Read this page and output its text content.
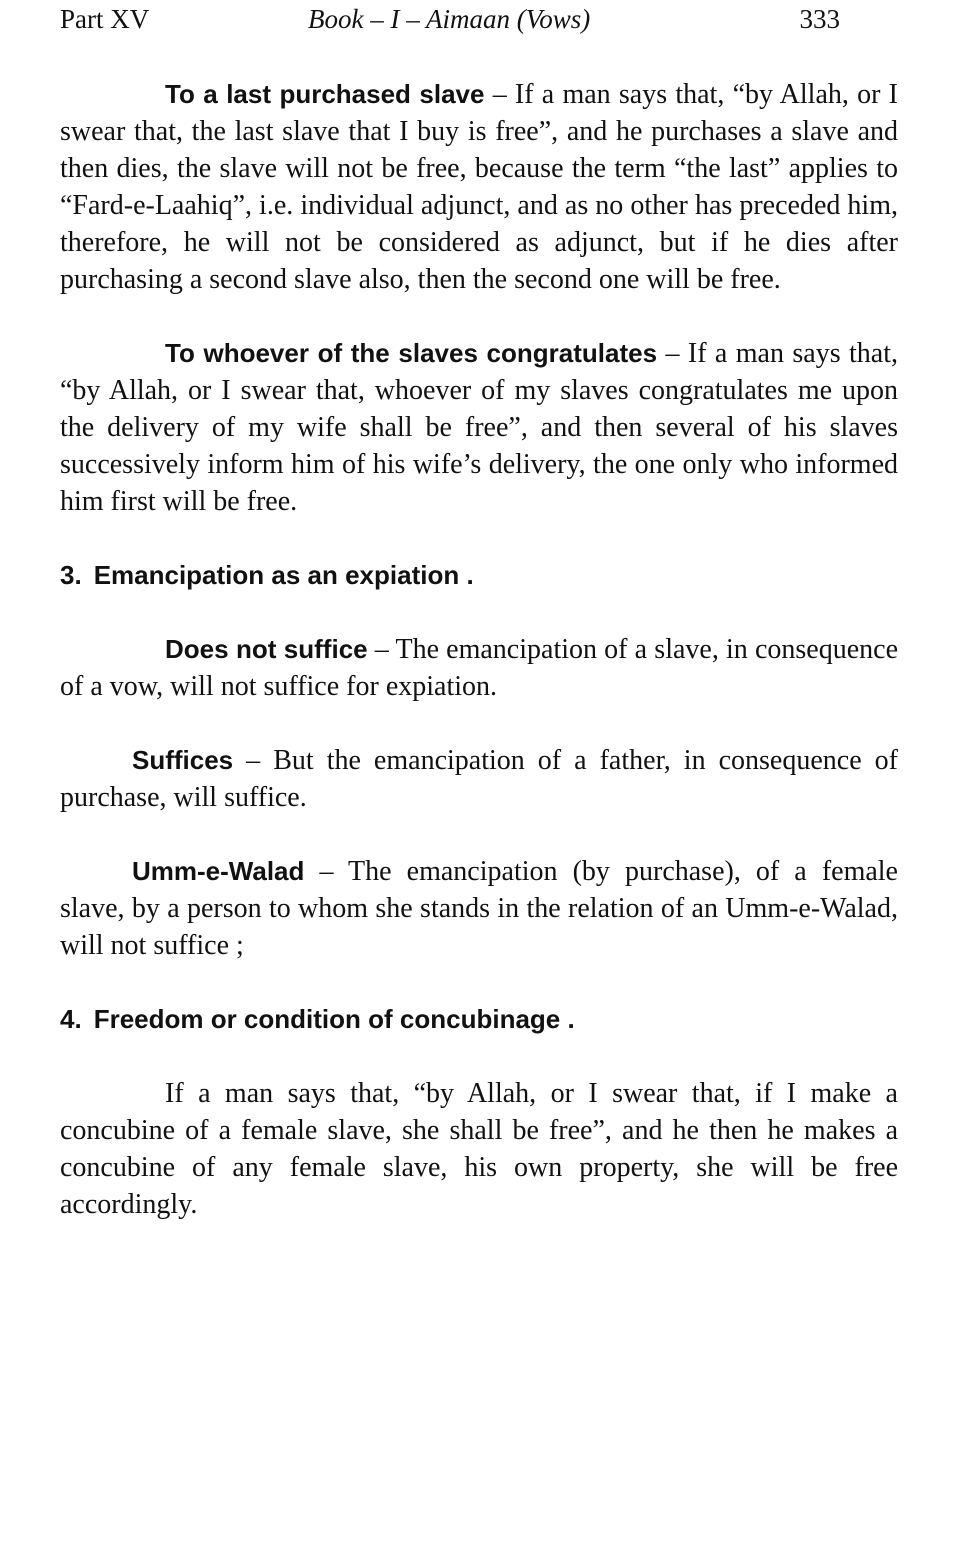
Part XV	Book – I – Aimaan (Vows)	333

To a last purchased slave – If a man says that, “by Allah, or I swear that, the last slave that I buy is free”, and he purchases a slave and then dies, the slave will not be free, because the term “the last” applies to “Fard-e-Laahiq”, i.e. individual adjunct, and as no other has preceded him, therefore, he will not be considered as adjunct, but if he dies after purchasing a second slave also, then the second one will be free.

To whoever of the slaves congratulates – If a man says that, “by Allah, or I swear that, whoever of my slaves congratulates me upon the delivery of my wife shall be free”, and then several of his slaves successively inform him of his wife’s delivery, the one only who informed him first will be free.

3. Emancipation as an expiation .

Does not suffice – The emancipation of a slave, in consequence of a vow, will not suffice for expiation.

Suffices – But the emancipation of a father, in consequence of purchase, will suffice.

Umm-e-Walad – The emancipation (by purchase), of a female slave, by a person to whom she stands in the relation of an Umm-e-Walad, will not suffice ;

4. Freedom or condition of concubinage .

If a man says that, “by Allah, or I swear that, if I make a concubine of a female slave, she shall be free”, and he then he makes a concubine of any female slave, his own property, she will be free accordingly.
